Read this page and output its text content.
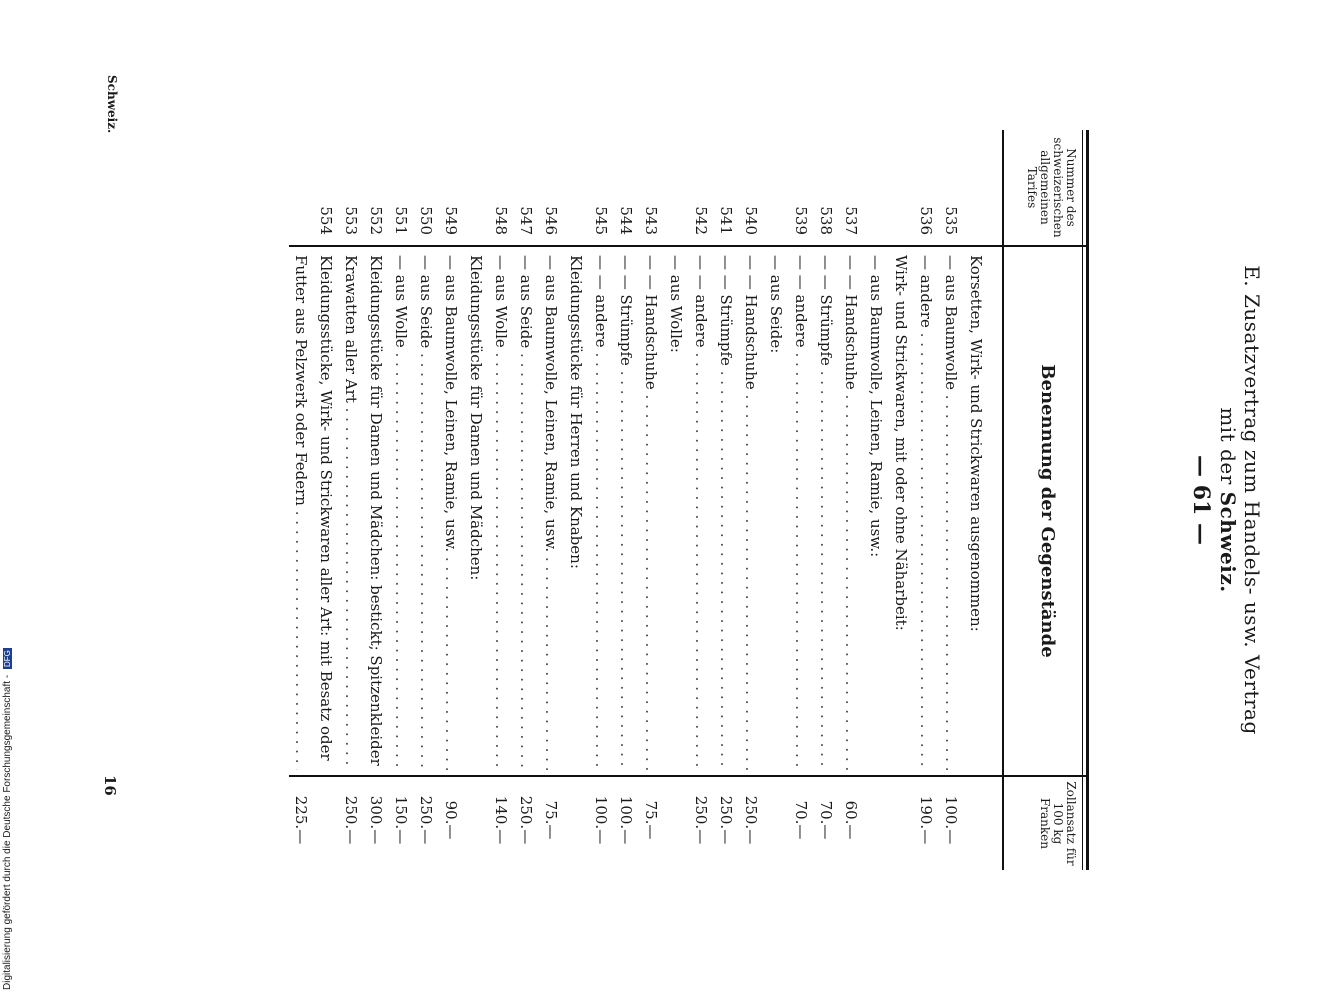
E. Zusatzvertrag zum Handels- usw. Vertrag mit der Schweiz.
— 61 —
Nummer des schweizerischen allgemeinen Tarifes
Benennung der Gegenstände
Zollansatz für 100 kg Franken
Korsetten, Wirk- und Strickwaren ausgenommen:
535
— aus Baumwolle . . .
100.—
536
— andere . . .
190.—
Wirk- und Strickwaren, mit oder ohne Näharbeit:
— aus Baumwolle, Leinen, Ramie, usw.:
537
— — Handschuhe . . .
60.—
538
— — Strümpfe . . .
70.—
539
— — andere . . .
70.—
— aus Seide:
540
— — Handschuhe . . .
250.—
541
— — Strümpfe . . .
250.—
542
— — andere . . .
250.—
— aus Wolle:
543
— — Handschuhe . . .
75.—
544
— — Strümpfe . . .
100.—
545
— — andere . . .
100.—
Kleidungsstücke für Herren und Knaben:
546
— aus Baumwolle, Leinen, Ramie, usw. . . .
75.—
547
— aus Seide . . .
250.—
548
— aus Wolle . . .
140.—
Kleidungsstücke für Damen und Mädchen:
549
— aus Baumwolle, Leinen, Ramie, usw. . . .
90.—
550
— aus Seide . . .
250.—
551
— aus Wolle . . .
150.—
552
Kleidungsstücke für Damen und Mädchen: bestickt; Spitzenkleider . . .
300.—
553
Krawatten aller Art . . .
250.—
554
Kleidungsstücke, Wirk- und Strickwaren aller Art: mit Besatz oder
Futter aus Pelzwerk oder Federn . . .
225.—
Schweiz.
16
Digitalisierung gefördert durch die Deutsche Forschungsgemeinschaft - DFG
